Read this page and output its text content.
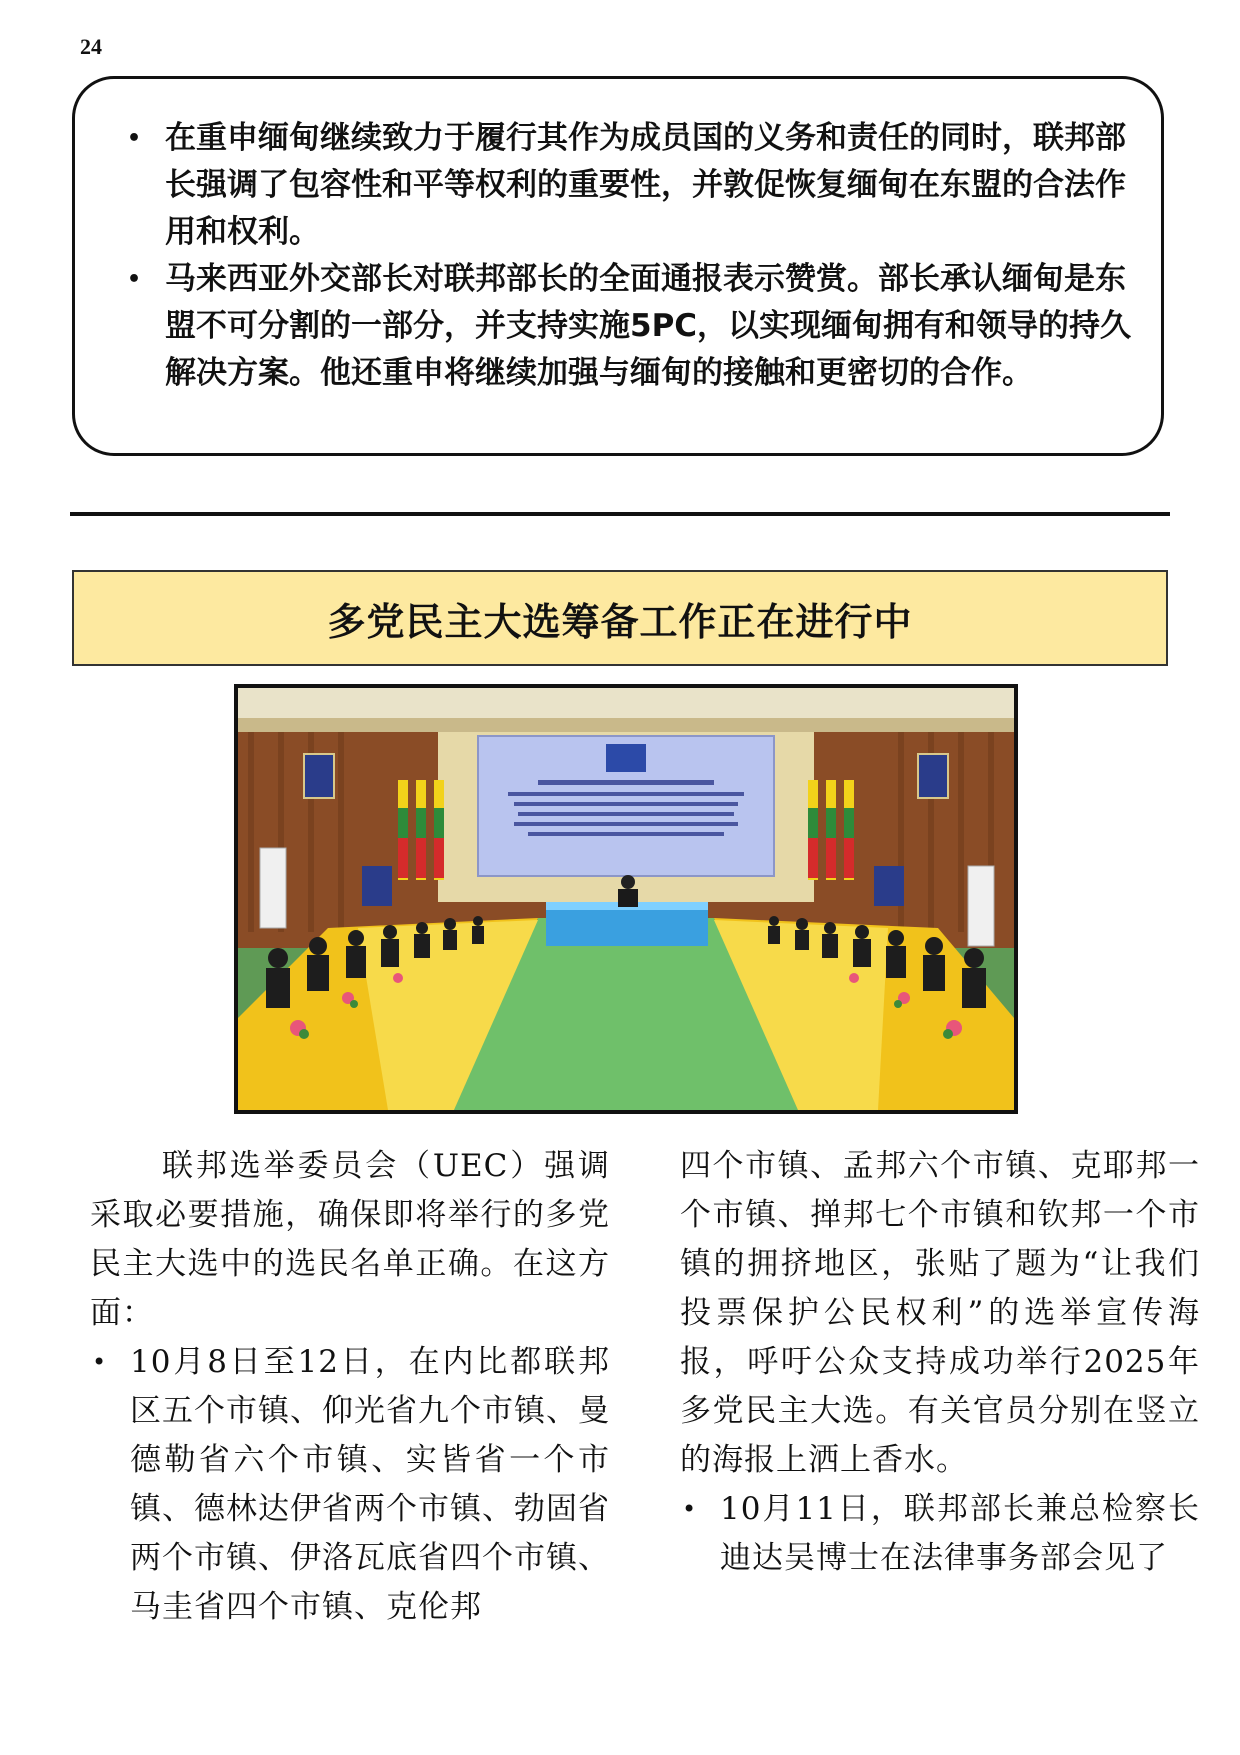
24
• 在重申缅甸继续致力于履行其作为成员国的义务和责任的同时，联邦部长强调了包容性和平等权利的重要性，并敦促恢复缅甸在东盟的合法作用和权利。
• 马来西亚外交部长对联邦部长的全面通报表示赞赏。部长承认缅甸是东盟不可分割的一部分，并支持实施5PC，以实现缅甸拥有和领导的持久解决方案。他还重申将继续加强与缅甸的接触和更密切的合作。
多党民主大选筹备工作正在进行中

联邦选举委员会（UEC）强调采取必要措施，确保即将举行的多党民主大选中的选民名单正确。在这方面：

• 10月8日至12日，在内比都联邦区五个市镇、仰光省九个市镇、曼德勒省六个市镇、实皆省一个市镇、德林达伊省两个市镇、勃固省两个市镇、伊洛瓦底省四个市镇、马圭省四个市镇、克伦邦

四个市镇、孟邦六个市镇、克耶邦一个市镇、掸邦七个市镇和钦邦一个市镇的拥挤地区，张贴了题为“让我们投票保护公民权利”的选举宣传海报，呼吁公众支持成功举行2025年多党民主大选。有关官员分别在竖立的海报上洒上香水。

• 10月11日，联邦部长兼总检察长迪达吴博士在法律事务部会见了
